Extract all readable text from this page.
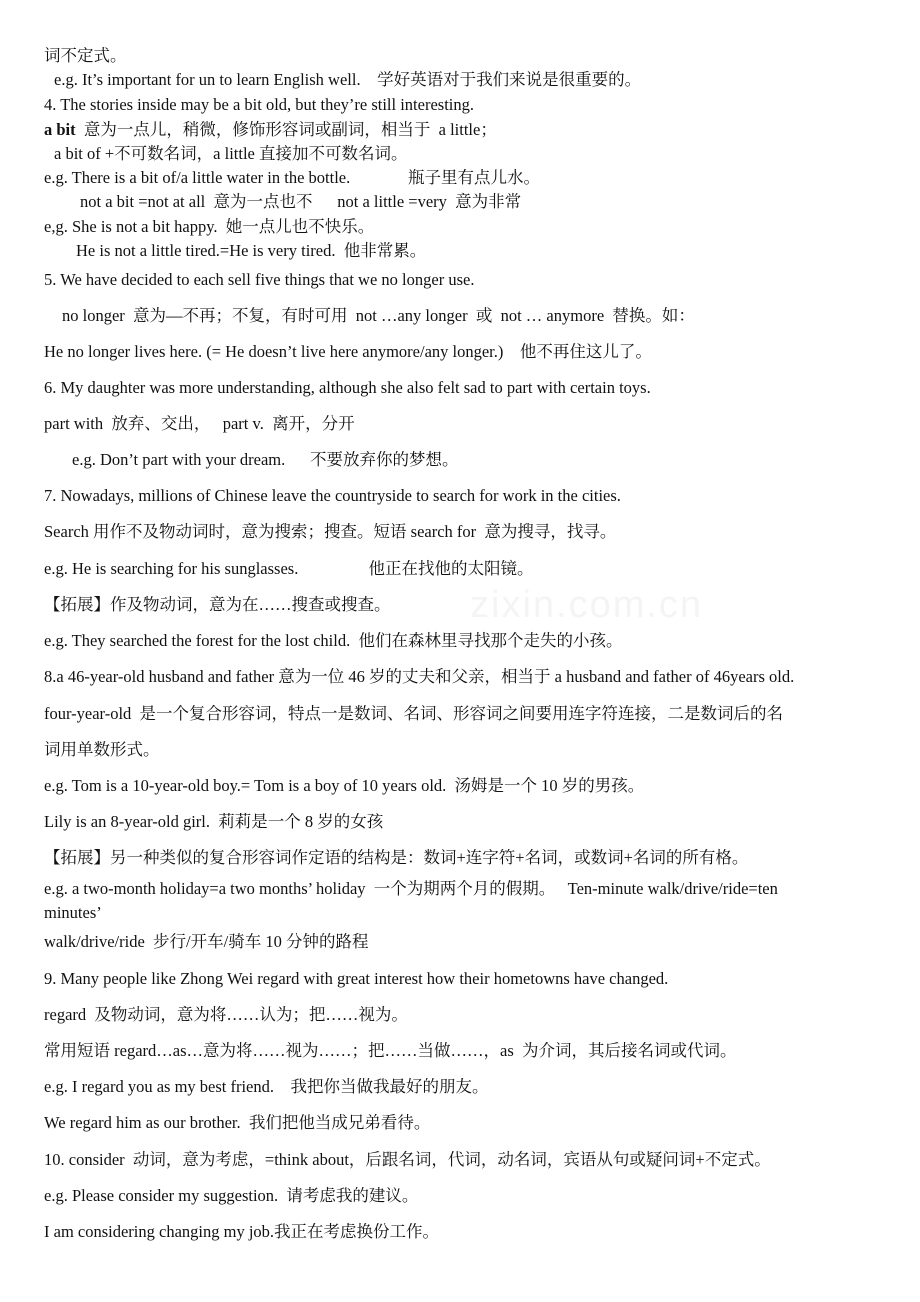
词不定式。
e.g. It’s important for un to learn English well.    学好英语对于我们来说是很重要的。
4. The stories inside may be a bit old, but they’re still interesting.
a bit  意为一点儿，稍微，修饰形容词或副词，相当于  a little；
a bit of +不可数名词，a little 直接加不可数名词。
e.g. There is a bit of/a little water in the bottle.              瓶子里有点儿水。
not a bit =not at all  意为一点也不      not a little =very  意为非常
e,g. She is not a bit happy.  她一点儿也不快乐。
He is not a little tired.=He is very tired.  他非常累。
5. We have decided to each sell five things that we no longer use.
no longer  意为—不再；不复，有时可用  not …any longer  或  not … anymore  替换。如：
He no longer lives here. (= He doesn’t live here anymore/any longer.)    他不再住这儿了。
6. My daughter was more understanding, although she also felt sad to part with certain toys.
part with  放弃、交出，   part v.  离开，分开
e.g. Don’t part with your dream.      不要放弃你的梦想。
7. Nowadays, millions of Chinese leave the countryside to search for work in the cities.
Search 用作不及物动词时，意为搜索；搜查。短语 search for  意为搜寻，找寻。
e.g. He is searching for his sunglasses.                 他正在找他的太阳镜。
【拓展】作及物动词，意为在……搜查或搜查。
e.g. They searched the forest for the lost child.  他们在森林里寻找那个走失的小孩。
8.a 46-year-old husband and father 意为一位 46 岁的丈夫和父亲，相当于 a husband and father of 46years old.
four-year-old  是一个复合形容词，特点一是数词、名词、形容词之间要用连字符连接，二是数词后的名
词用单数形式。
e.g. Tom is a 10-year-old boy.= Tom is a boy of 10 years old.  汤姆是一个 10 岁的男孩。
Lily is an 8-year-old girl.  莉莉是一个 8 岁的女孩
【拓展】另一种类似的复合形容词作定语的结构是：数词+连字符+名词，或数词+名词的所有格。
e.g. a two-month holiday=a two months’ holiday  一个为期两个月的假期。   Ten-minute walk/drive/ride=ten
minutes’
walk/drive/ride  步行/开车/骑车 10 分钟的路程
9. Many people like Zhong Wei regard with great interest how their hometowns have changed.
regard  及物动词，意为将……认为；把……视为。
常用短语 regard…as…意为将……视为……；把……当做……，as  为介词，其后接名词或代词。
e.g. I regard you as my best friend.    我把你当做我最好的朋友。
We regard him as our brother.  我们把他当成兄弟看待。
10. consider  动词，意为考虑，=think about，后跟名词，代词，动名词，宾语从句或疑问词+不定式。
e.g. Please consider my suggestion.  请考虑我的建议。
I am considering changing my job.我正在考虑换份工作。
zixin.com.cn
